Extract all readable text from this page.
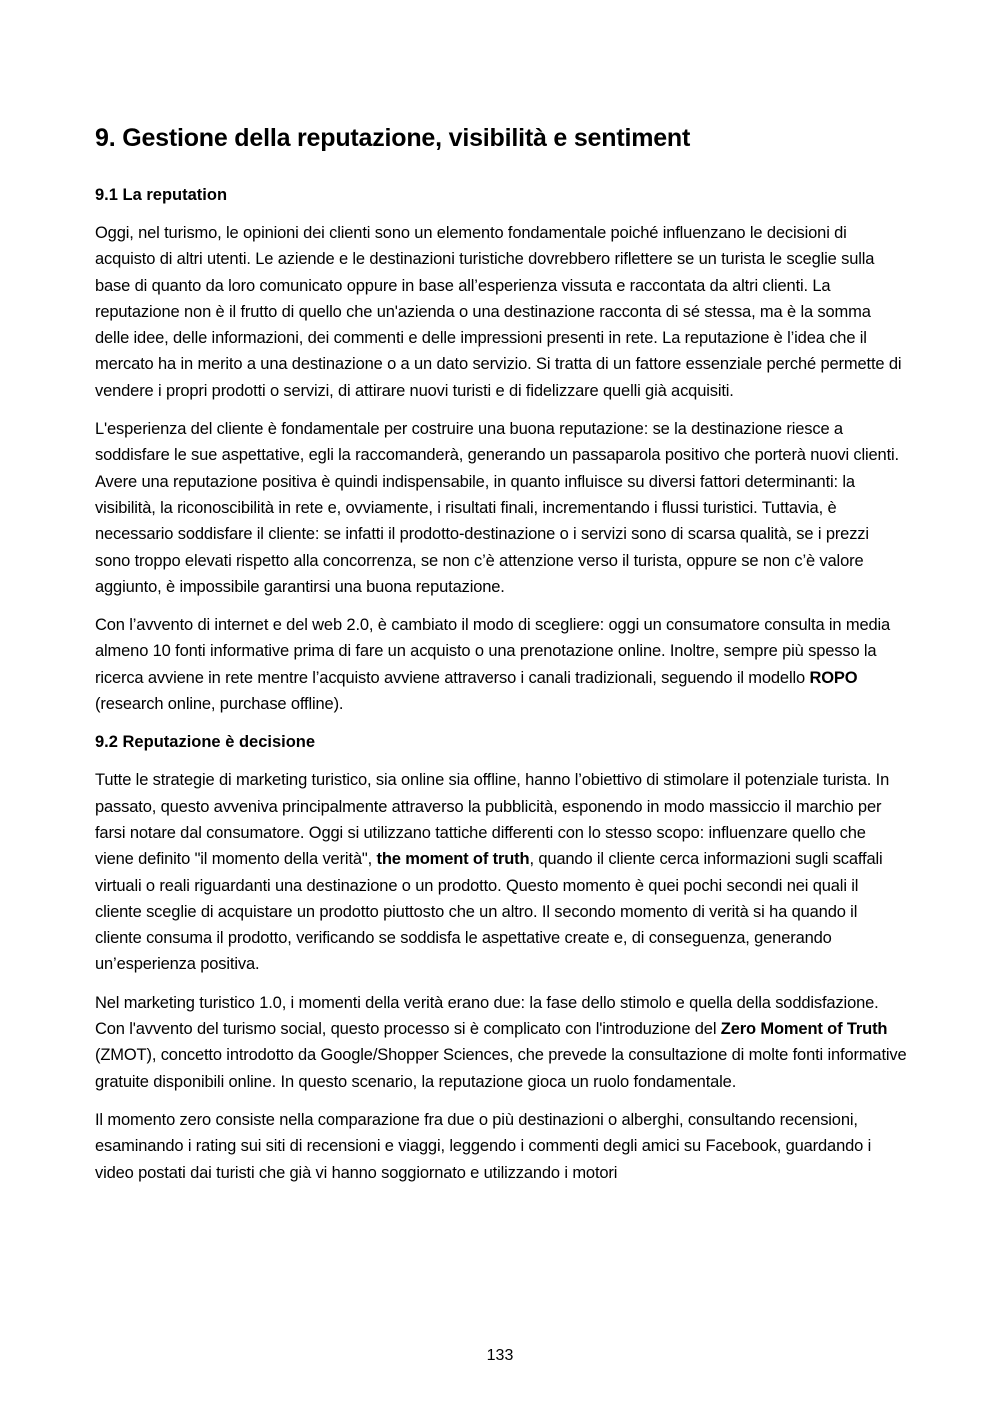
9. Gestione della reputazione, visibilità e sentiment
9.1 La reputation

Oggi, nel turismo, le opinioni dei clienti sono un elemento fondamentale poiché influenzano le decisioni di acquisto di altri utenti. Le aziende e le destinazioni turistiche dovrebbero riflettere se un turista le sceglie sulla base di quanto da loro comunicato oppure in base all’esperienza vissuta e raccontata da altri clienti. La reputazione non è il frutto di quello che un'azienda o una destinazione racconta di sé stessa, ma è la somma delle idee, delle informazioni, dei commenti e delle impressioni presenti in rete. La reputazione è l’idea che il mercato ha in merito a una destinazione o a un dato servizio. Si tratta di un fattore essenziale perché permette di vendere i propri prodotti o servizi, di attirare nuovi turisti e di fidelizzare quelli già acquisiti.

L'esperienza del cliente è fondamentale per costruire una buona reputazione: se la destinazione riesce a soddisfare le sue aspettative, egli la raccomanderà, generando un passaparola positivo che porterà nuovi clienti. Avere una reputazione positiva è quindi indispensabile, in quanto influisce su diversi fattori determinanti: la visibilità, la riconoscibilità in rete e, ovviamente, i risultati finali, incrementando i flussi turistici. Tuttavia, è necessario soddisfare il cliente: se infatti il prodotto-destinazione o i servizi sono di scarsa qualità, se i prezzi sono troppo elevati rispetto alla concorrenza, se non c’è attenzione verso il turista, oppure se non c’è valore aggiunto, è impossibile garantirsi una buona reputazione.

Con l’avvento di internet e del web 2.0, è cambiato il modo di scegliere: oggi un consumatore consulta in media almeno 10 fonti informative prima di fare un acquisto o una prenotazione online. Inoltre, sempre più spesso la ricerca avviene in rete mentre l’acquisto avviene attraverso i canali tradizionali, seguendo il modello ROPO (research online, purchase offline).

9.2 Reputazione è decisione

Tutte le strategie di marketing turistico, sia online sia offline, hanno l’obiettivo di stimolare il potenziale turista. In passato, questo avveniva principalmente attraverso la pubblicità, esponendo in modo massiccio il marchio per farsi notare dal consumatore. Oggi si utilizzano tattiche differenti con lo stesso scopo: influenzare quello che viene definito "il momento della verità", the moment of truth, quando il cliente cerca informazioni sugli scaffali virtuali o reali riguardanti una destinazione o un prodotto. Questo momento è quei pochi secondi nei quali il cliente sceglie di acquistare un prodotto piuttosto che un altro. Il secondo momento di verità si ha quando il cliente consuma il prodotto, verificando se soddisfa le aspettative create e, di conseguenza, generando un’esperienza positiva.

Nel marketing turistico 1.0, i momenti della verità erano due: la fase dello stimolo e quella della soddisfazione. Con l'avvento del turismo social, questo processo si è complicato con l'introduzione del Zero Moment of Truth (ZMOT), concetto introdotto da Google/Shopper Sciences, che prevede la consultazione di molte fonti informative gratuite disponibili online. In questo scenario, la reputazione gioca un ruolo fondamentale.

Il momento zero consiste nella comparazione fra due o più destinazioni o alberghi, consultando recensioni, esaminando i rating sui siti di recensioni e viaggi, leggendo i commenti degli amici su Facebook, guardando i video postati dai turisti che già vi hanno soggiornato e utilizzando i motori

133
